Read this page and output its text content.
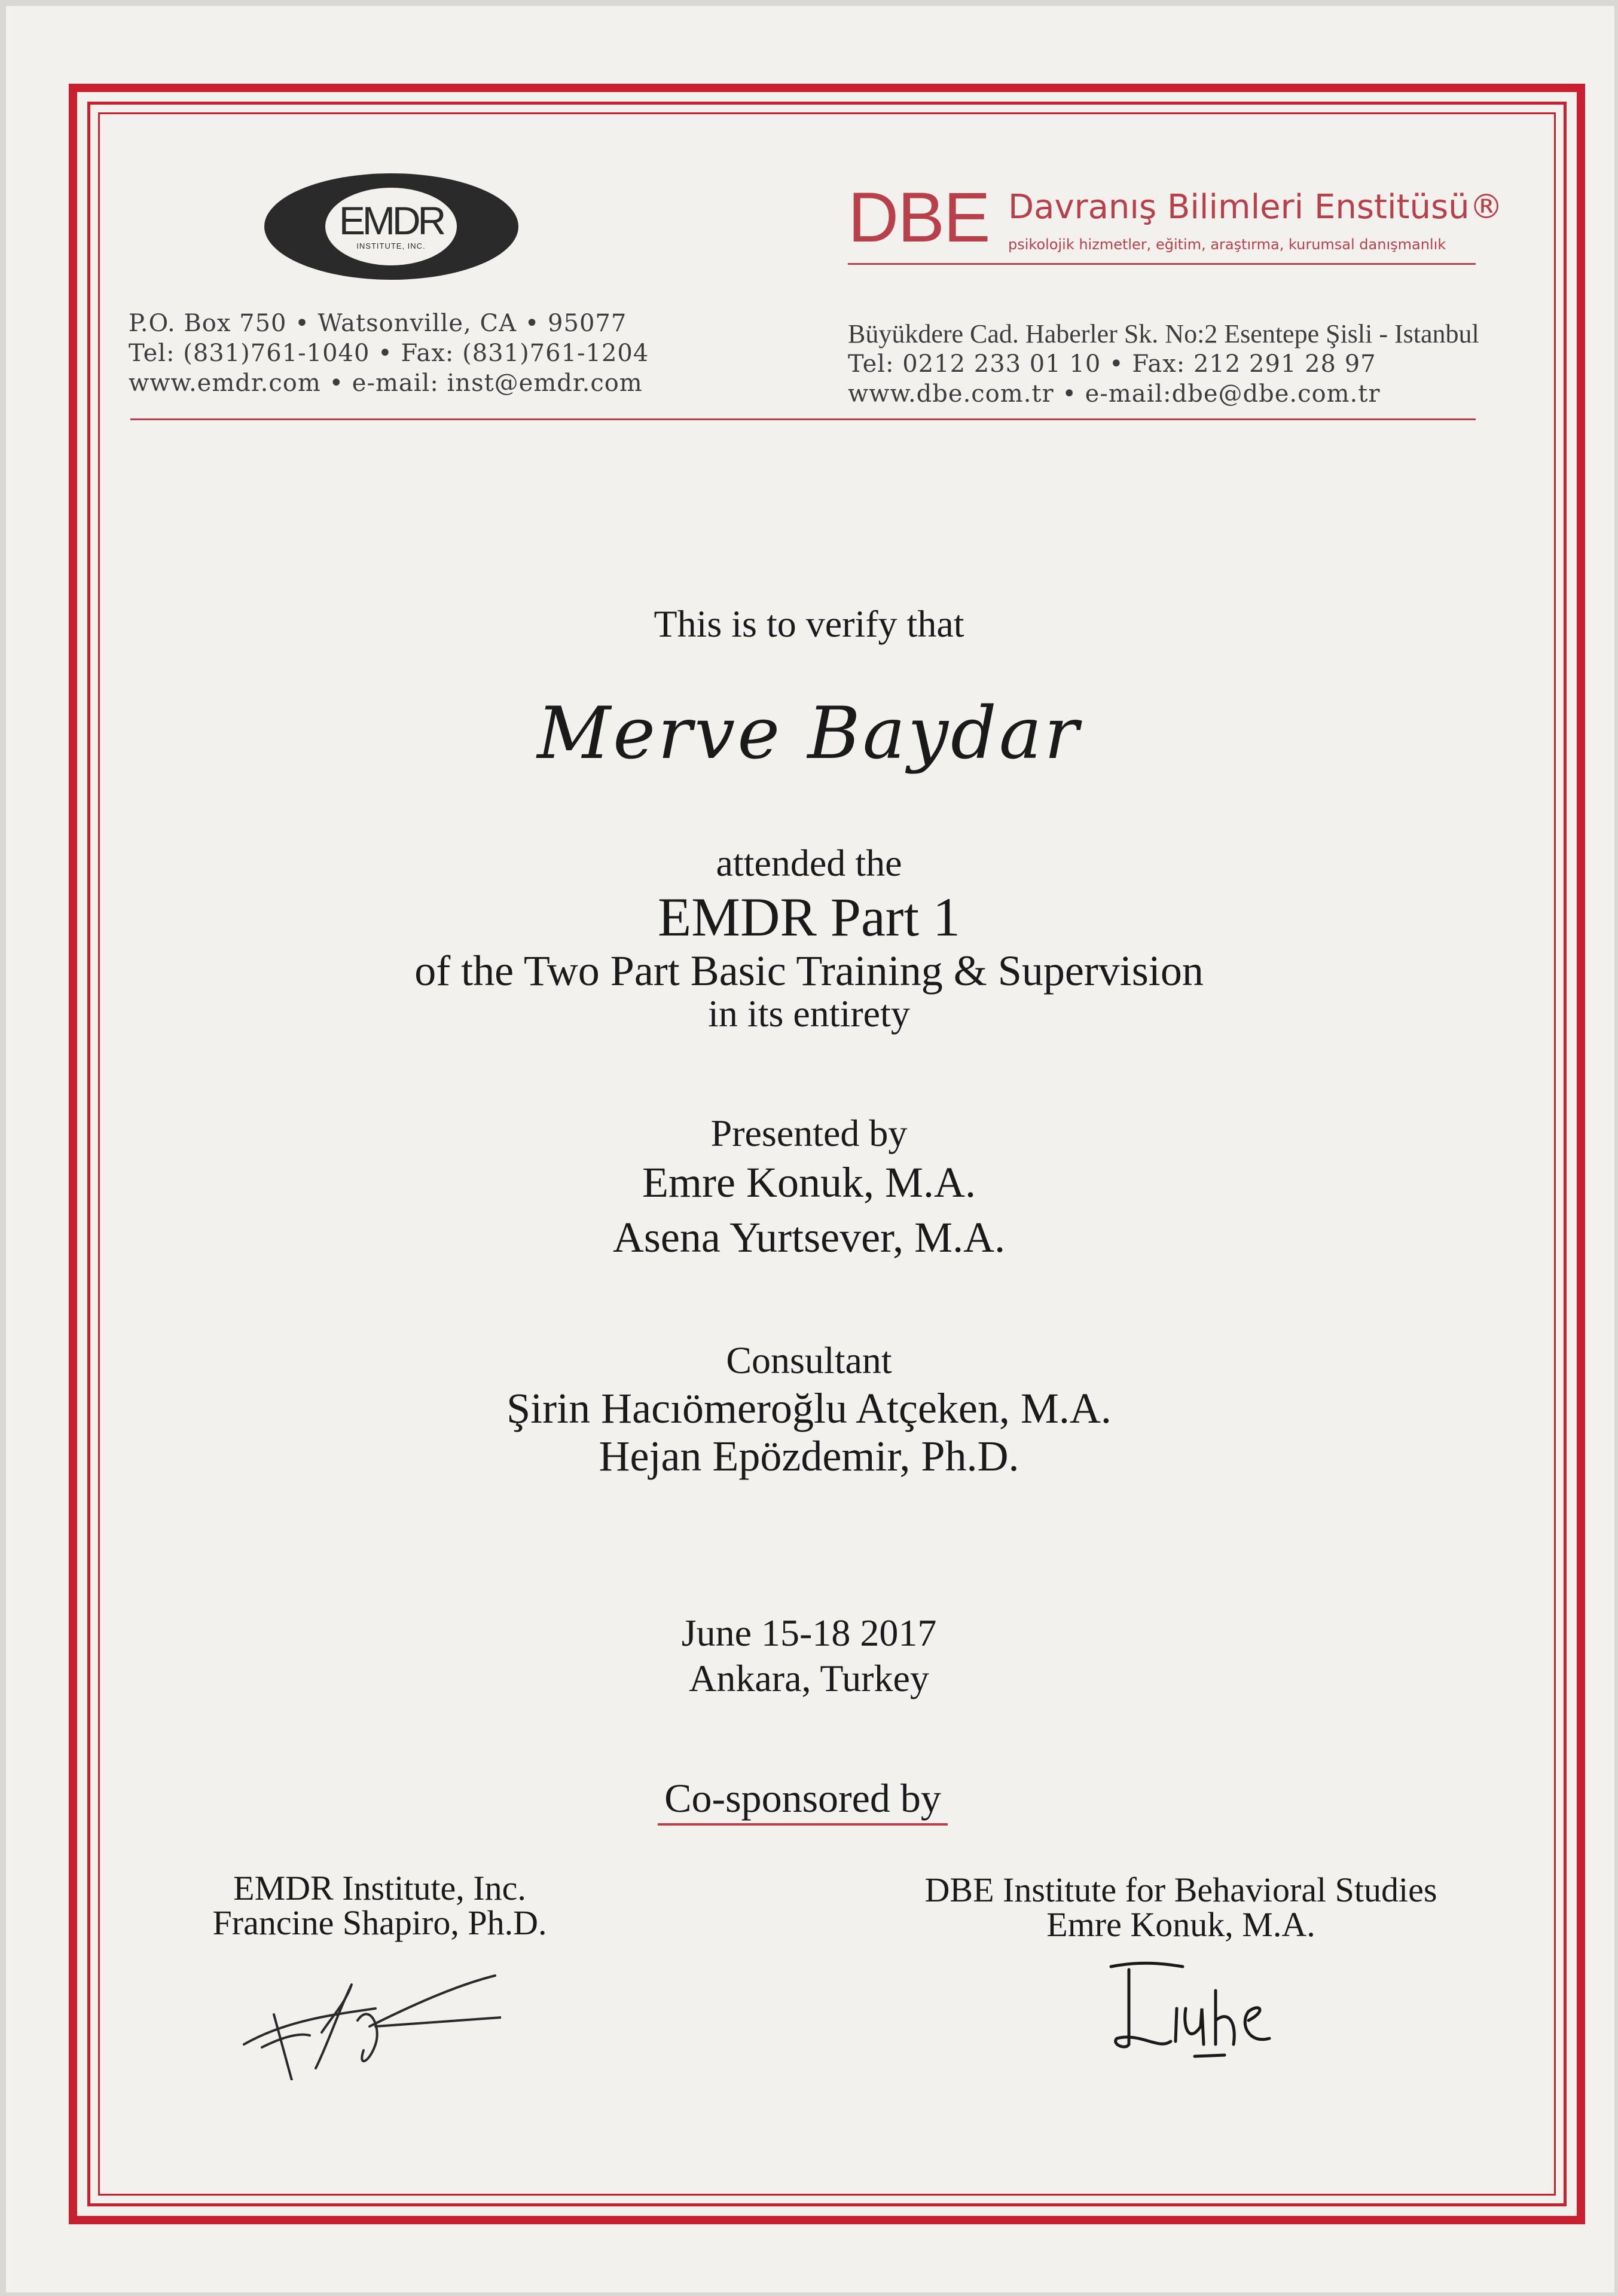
EMDR
INSTITUTE, INC.
P.O. Box 750 • Watsonville, CA • 95077
Tel: (831)761-1040 • Fax: (831)761-1204
www.emdr.com • e-mail: inst@emdr.com
DBE Davranış Bilimleri Enstitüsü®
psikolojik hizmetler, eğitim, araştırma, kurumsal danışmanlık
Büyükdere Cad. Haberler Sk. No:2 Esentepe Şisli - Istanbul
Tel: 0212 233 01 10 • Fax: 212 291 28 97
www.dbe.com.tr • e-mail:dbe@dbe.com.tr
This is to verify that
Merve Baydar
attended the
EMDR Part 1
of the Two Part Basic Training & Supervision
in its entirety
Presented by
Emre Konuk, M.A.
Asena Yurtsever, M.A.
Consultant
Şirin Hacıömeroğlu Atçeken, M.A.
Hejan Epözdemir, Ph.D.
June 15-18 2017
Ankara, Turkey
Co-sponsored by
EMDR Institute, Inc.
Francine Shapiro, Ph.D.
DBE Institute for Behavioral Studies
Emre Konuk, M.A.
